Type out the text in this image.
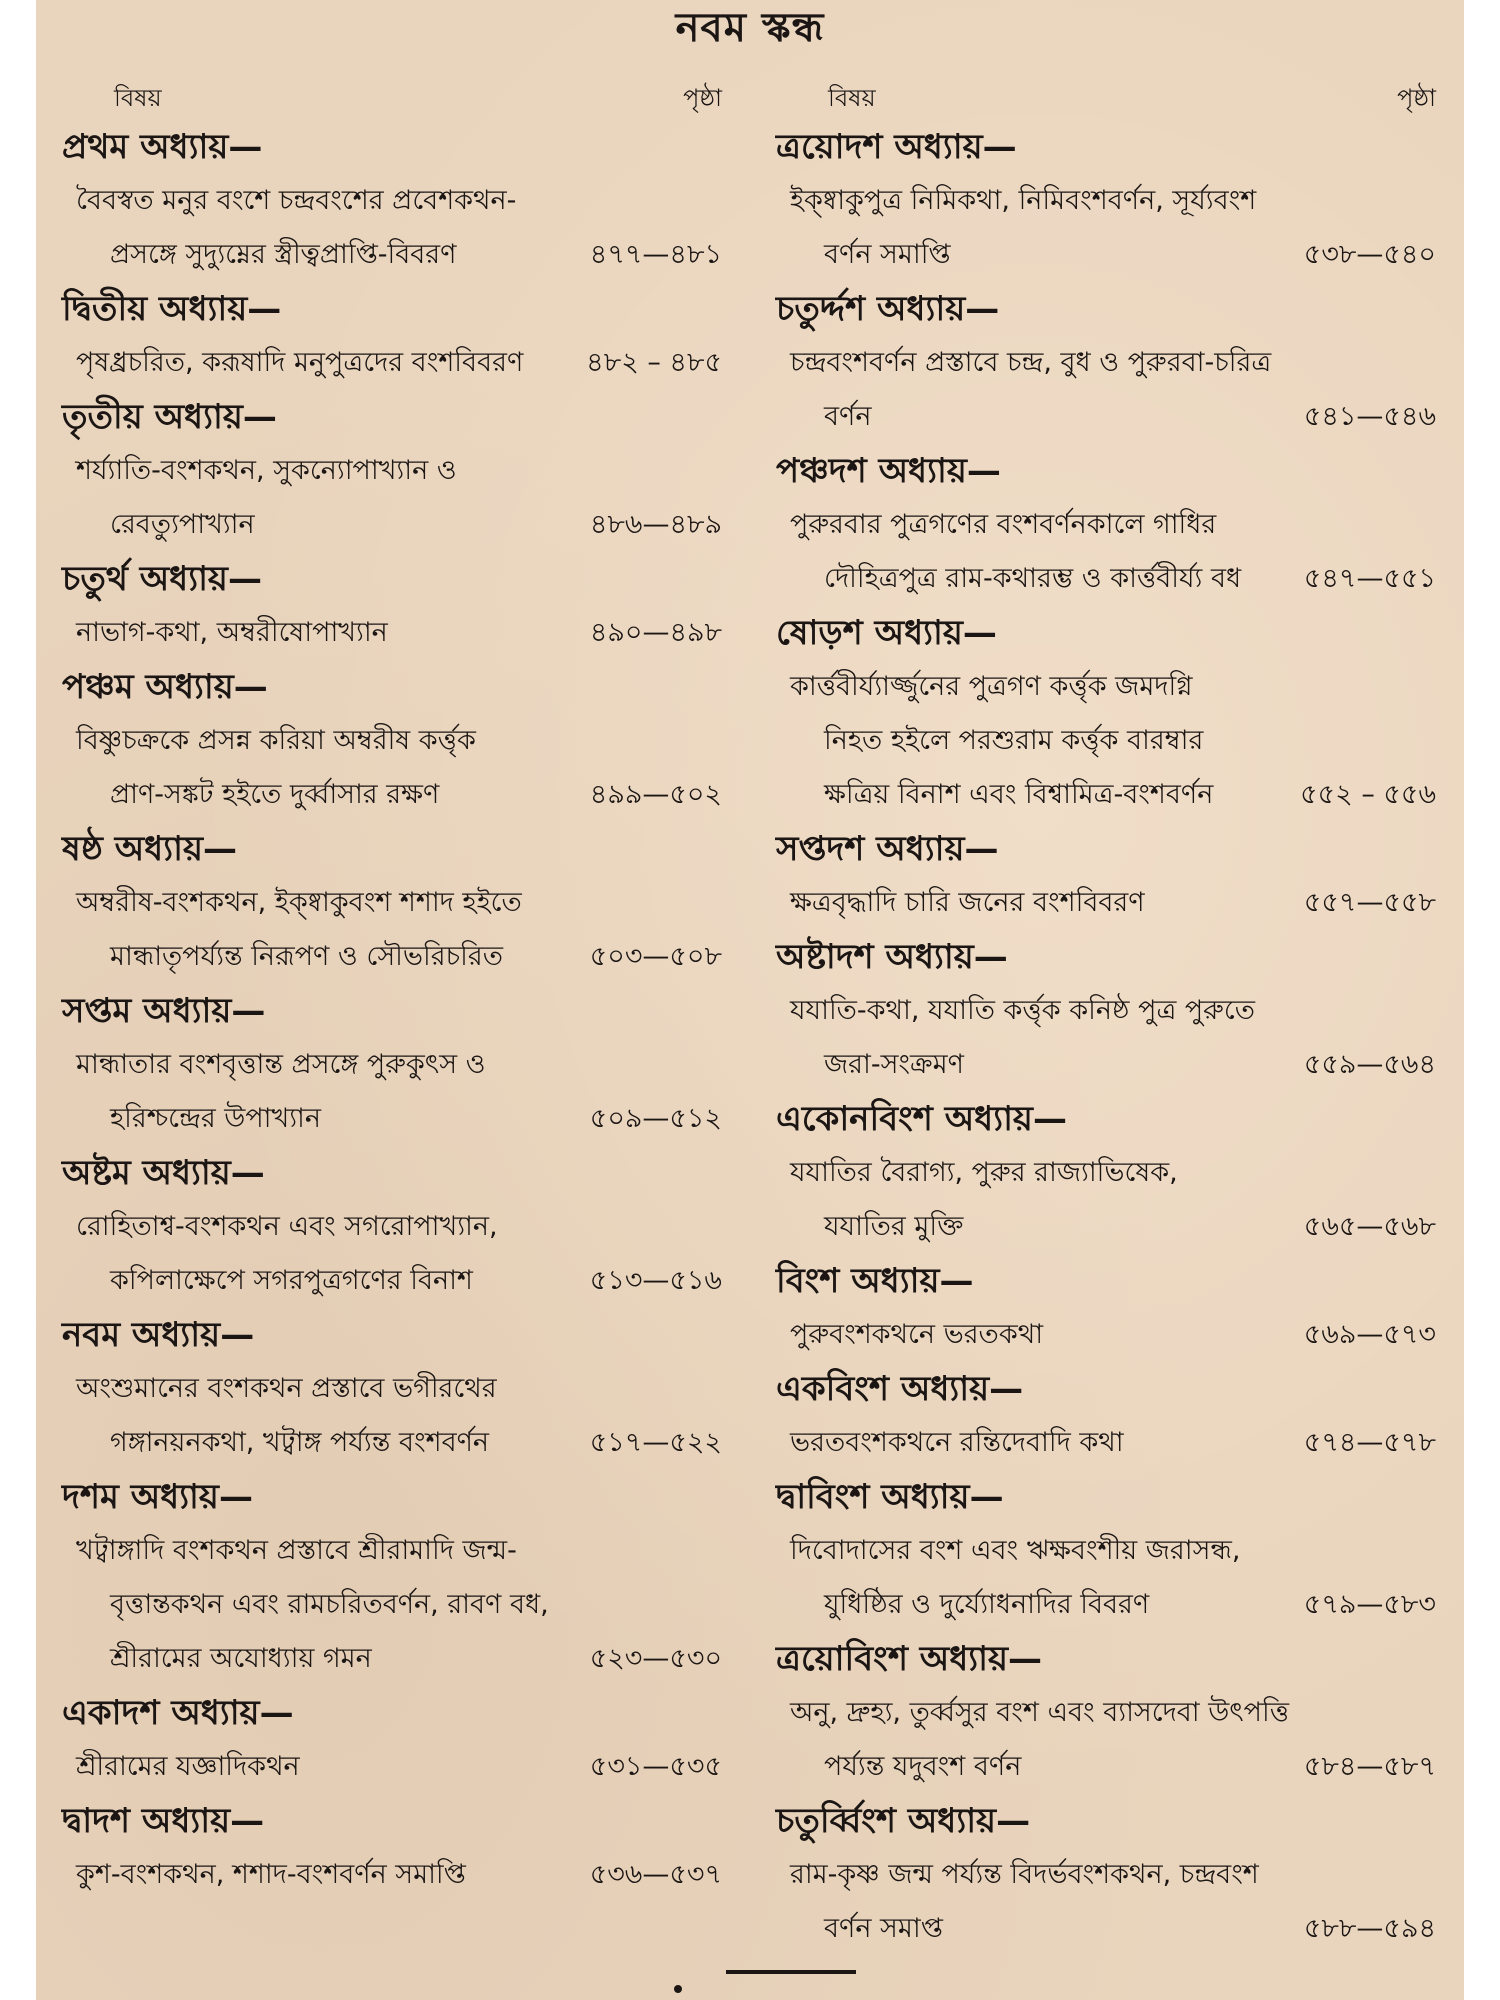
নবম স্কন্ধ
বিষয়	পৃষ্ঠা
প্রথম অধ্যায়—
বৈবস্বত মনুর বংশে চন্দ্রবংশের প্রবেশকথন-
প্রসঙ্গে সুদ্যুম্নের স্ত্রীত্বপ্রাপ্তি-বিবরণ	৪৭৭—৪৮১
দ্বিতীয় অধ্যায়—
পৃষধ্রচরিত, করূষাদি মনুপুত্রদের বংশবিবরণ	৪৮২ – ৪৮৫
তৃতীয় অধ্যায়—
শর্য্যাতি-বংশকথন, সুকন্যোপাখ্যান ও
রেবত্যুপাখ্যান	৪৮৬—৪৮৯
চতুর্থ অধ্যায়—
নাভাগ-কথা, অম্বরীষোপাখ্যান	৪৯০—৪৯৮
পঞ্চম অধ্যায়—
বিষ্ণুচক্রকে প্রসন্ন করিয়া অম্বরীষ কর্ত্তৃক
প্রাণ-সঙ্কট হইতে দুর্ব্বাসার রক্ষণ	৪৯৯—৫০২
ষষ্ঠ অধ্যায়—
অম্বরীষ-বংশকথন, ইক্ষ্বাকুবংশ শশাদ হইতে
মান্ধাতৃপর্য্যন্ত নিরূপণ ও সৌভরিচরিত	৫০৩—৫০৮
সপ্তম অধ্যায়—
মান্ধাতার বংশবৃত্তান্ত প্রসঙ্গে পুরুকুৎস ও
হরিশ্চন্দ্রের উপাখ্যান	৫০৯—৫১২
অষ্টম অধ্যায়—
রোহিতাশ্ব-বংশকথন এবং সগরোপাখ্যান,
কপিলাক্ষেপে সগরপুত্রগণের বিনাশ	৫১৩—৫১৬
নবম অধ্যায়—
অংশুমানের বংশকথন প্রস্তাবে ভগীরথের
গঙ্গানয়নকথা, খট্বাঙ্গ পর্য্যন্ত বংশবর্ণন	৫১৭—৫২২
দশম অধ্যায়—
খট্বাঙ্গাদি বংশকথন প্রস্তাবে শ্রীরামাদি জন্ম-
বৃত্তান্তকথন এবং রামচরিতবর্ণন, রাবণ বধ,
শ্রীরামের অযোধ্যায় গমন	৫২৩—৫৩০
একাদশ অধ্যায়—
শ্রীরামের যজ্ঞাদিকথন	৫৩১—৫৩৫
দ্বাদশ অধ্যায়—
কুশ-বংশকথন, শশাদ-বংশবর্ণন সমাপ্তি	৫৩৬—৫৩৭
বিষয়	পৃষ্ঠা
ত্রয়োদশ অধ্যায়—
ইক্ষ্বাকুপুত্র নিমিকথা, নিমিবংশবর্ণন, সূর্য্যবংশ
বর্ণন সমাপ্তি	৫৩৮—৫৪০
চতুর্দ্দশ অধ্যায়—
চন্দ্রবংশবর্ণন প্রস্তাবে চন্দ্র, বুধ ও পুরুরবা-চরিত্র
বর্ণন	৫৪১—৫৪৬
পঞ্চদশ অধ্যায়—
পুরুরবার পুত্রগণের বংশবর্ণনকালে গাধির
দৌহিত্রপুত্র রাম-কথারম্ভ ও কার্ত্তবীর্য্য বধ	৫৪৭—৫৫১
ষোড়শ অধ্যায়—
কার্ত্তবীর্য্যার্জ্জুনের পুত্রগণ কর্ত্তৃক জমদগ্নি
নিহত হইলে পরশুরাম কর্ত্তৃক বারম্বার
ক্ষত্রিয় বিনাশ এবং বিশ্বামিত্র-বংশবর্ণন	৫৫২ – ৫৫৬
সপ্তদশ অধ্যায়—
ক্ষত্রবৃদ্ধাদি চারি জনের বংশবিবরণ	৫৫৭—৫৫৮
অষ্টাদশ অধ্যায়—
যযাতি-কথা, যযাতি কর্ত্তৃক কনিষ্ঠ পুত্র পুরুতে
জরা-সংক্রমণ	৫৫৯—৫৬৪
একোনবিংশ অধ্যায়—
যযাতির বৈরাগ্য, পুরুর রাজ্যাভিষেক,
যযাতির মুক্তি	৫৬৫—৫৬৮
বিংশ অধ্যায়—
পুরুবংশকথনে ভরতকথা	৫৬৯—৫৭৩
একবিংশ অধ্যায়—
ভরতবংশকথনে রন্তিদেবাদি কথা	৫৭৪—৫৭৮
দ্বাবিংশ অধ্যায়—
দিবোদাসের বংশ এবং ঋক্ষবংশীয় জরাসন্ধ,
যুধিষ্ঠির ও দুর্য্যোধনাদির বিবরণ	৫৭৯—৫৮৩
ত্রয়োবিংশ অধ্যায়—
অনু, দ্রুহ্য, তুর্ব্বসুর বংশ এবং ব্যাসদেবা উৎপত্তি
পর্য্যন্ত যদুবংশ বর্ণন	৫৮৪—৫৮৭
চতুর্ব্বিংশ অধ্যায়—
রাম-কৃষ্ণ জন্ম পর্য্যন্ত বিদর্ভবংশকথন, চন্দ্রবংশ
বর্ণন সমাপ্ত	৫৮৮—৫৯৪
